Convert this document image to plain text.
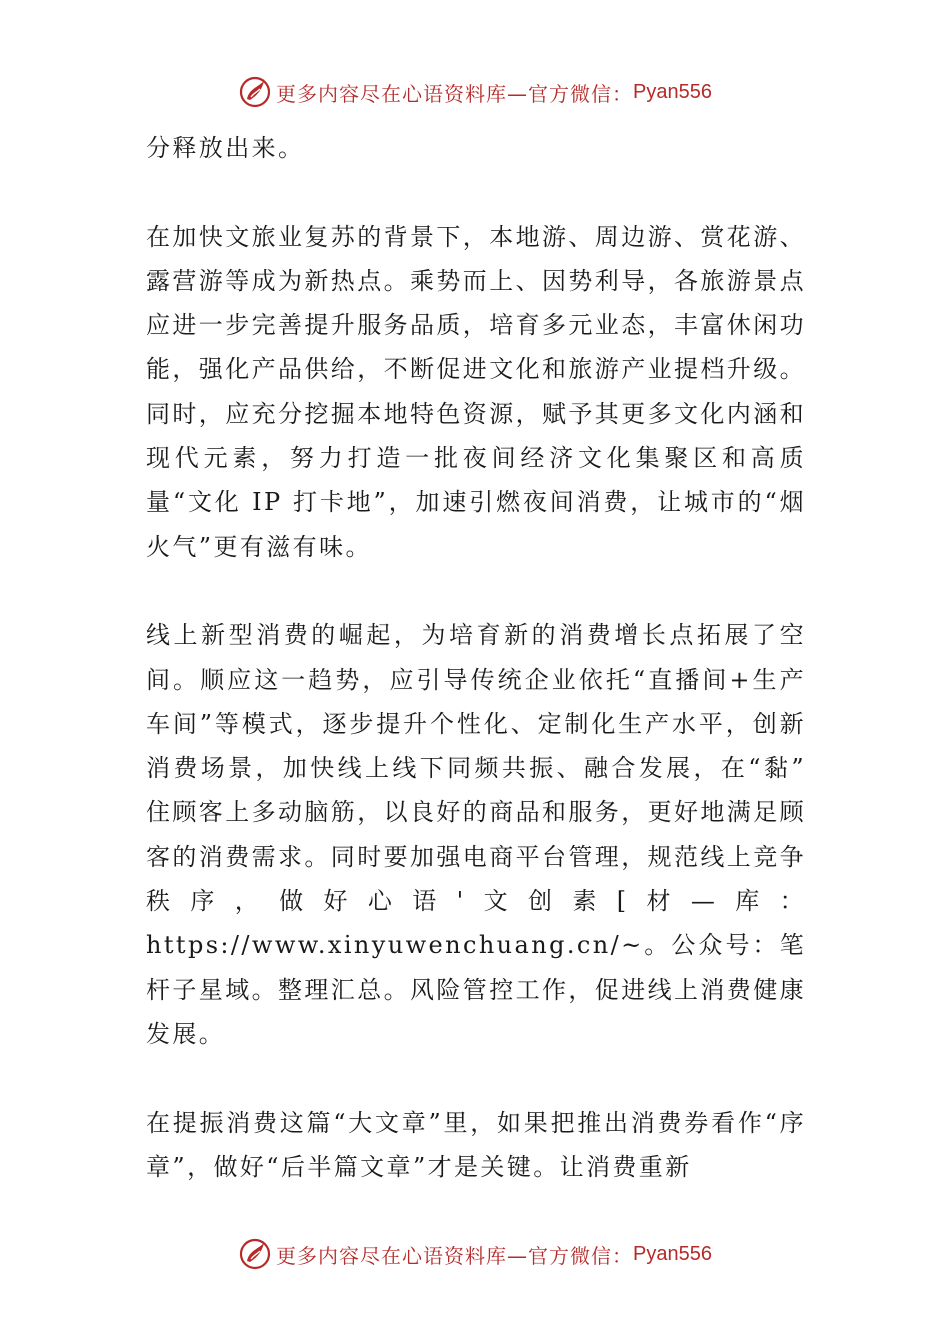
更多内容尽在心语资料库—官方微信： Pyan556

分释放出来。

在加快文旅业复苏的背景下，本地游、周边游、赏花游、露营游等成为新热点。乘势而上、因势利导，各旅游景点应进一步完善提升服务品质，培育多元业态，丰富休闲功能，强化产品供给，不断促进文化和旅游产业提档升级。同时，应充分挖掘本地特色资源，赋予其更多文化内涵和现代元素，努力打造一批夜间经济文化集聚区和高质量“文化 IP 打卡地”，加速引燃夜间消费，让城市的“烟火气”更有滋有味。

线上新型消费的崛起，为培育新的消费增长点拓展了空间。顺应这一趋势，应引导传统企业依托“直播间+生产车间”等模式，逐步提升个性化、定制化生产水平，创新消费场景，加快线上线下同频共振、融合发展，在“黏” 住顾客上多动脑筋，以良好的商品和服务，更好地满足顾客的消费需求。同时要加强电商平台管理，规范线上竞争秩序，做好心语'文创素[材—库：https://www.xinyuwenchuang.cn/~。公众号：笔杆子星域。整理汇总。风险管控工作，促进线上消费健康发展。

在提振消费这篇“大文章”里，如果把推出消费券看作“序章”，做好“后半篇文章”才是关键。让消费重新

更多内容尽在心语资料库—官方微信： Pyan556
